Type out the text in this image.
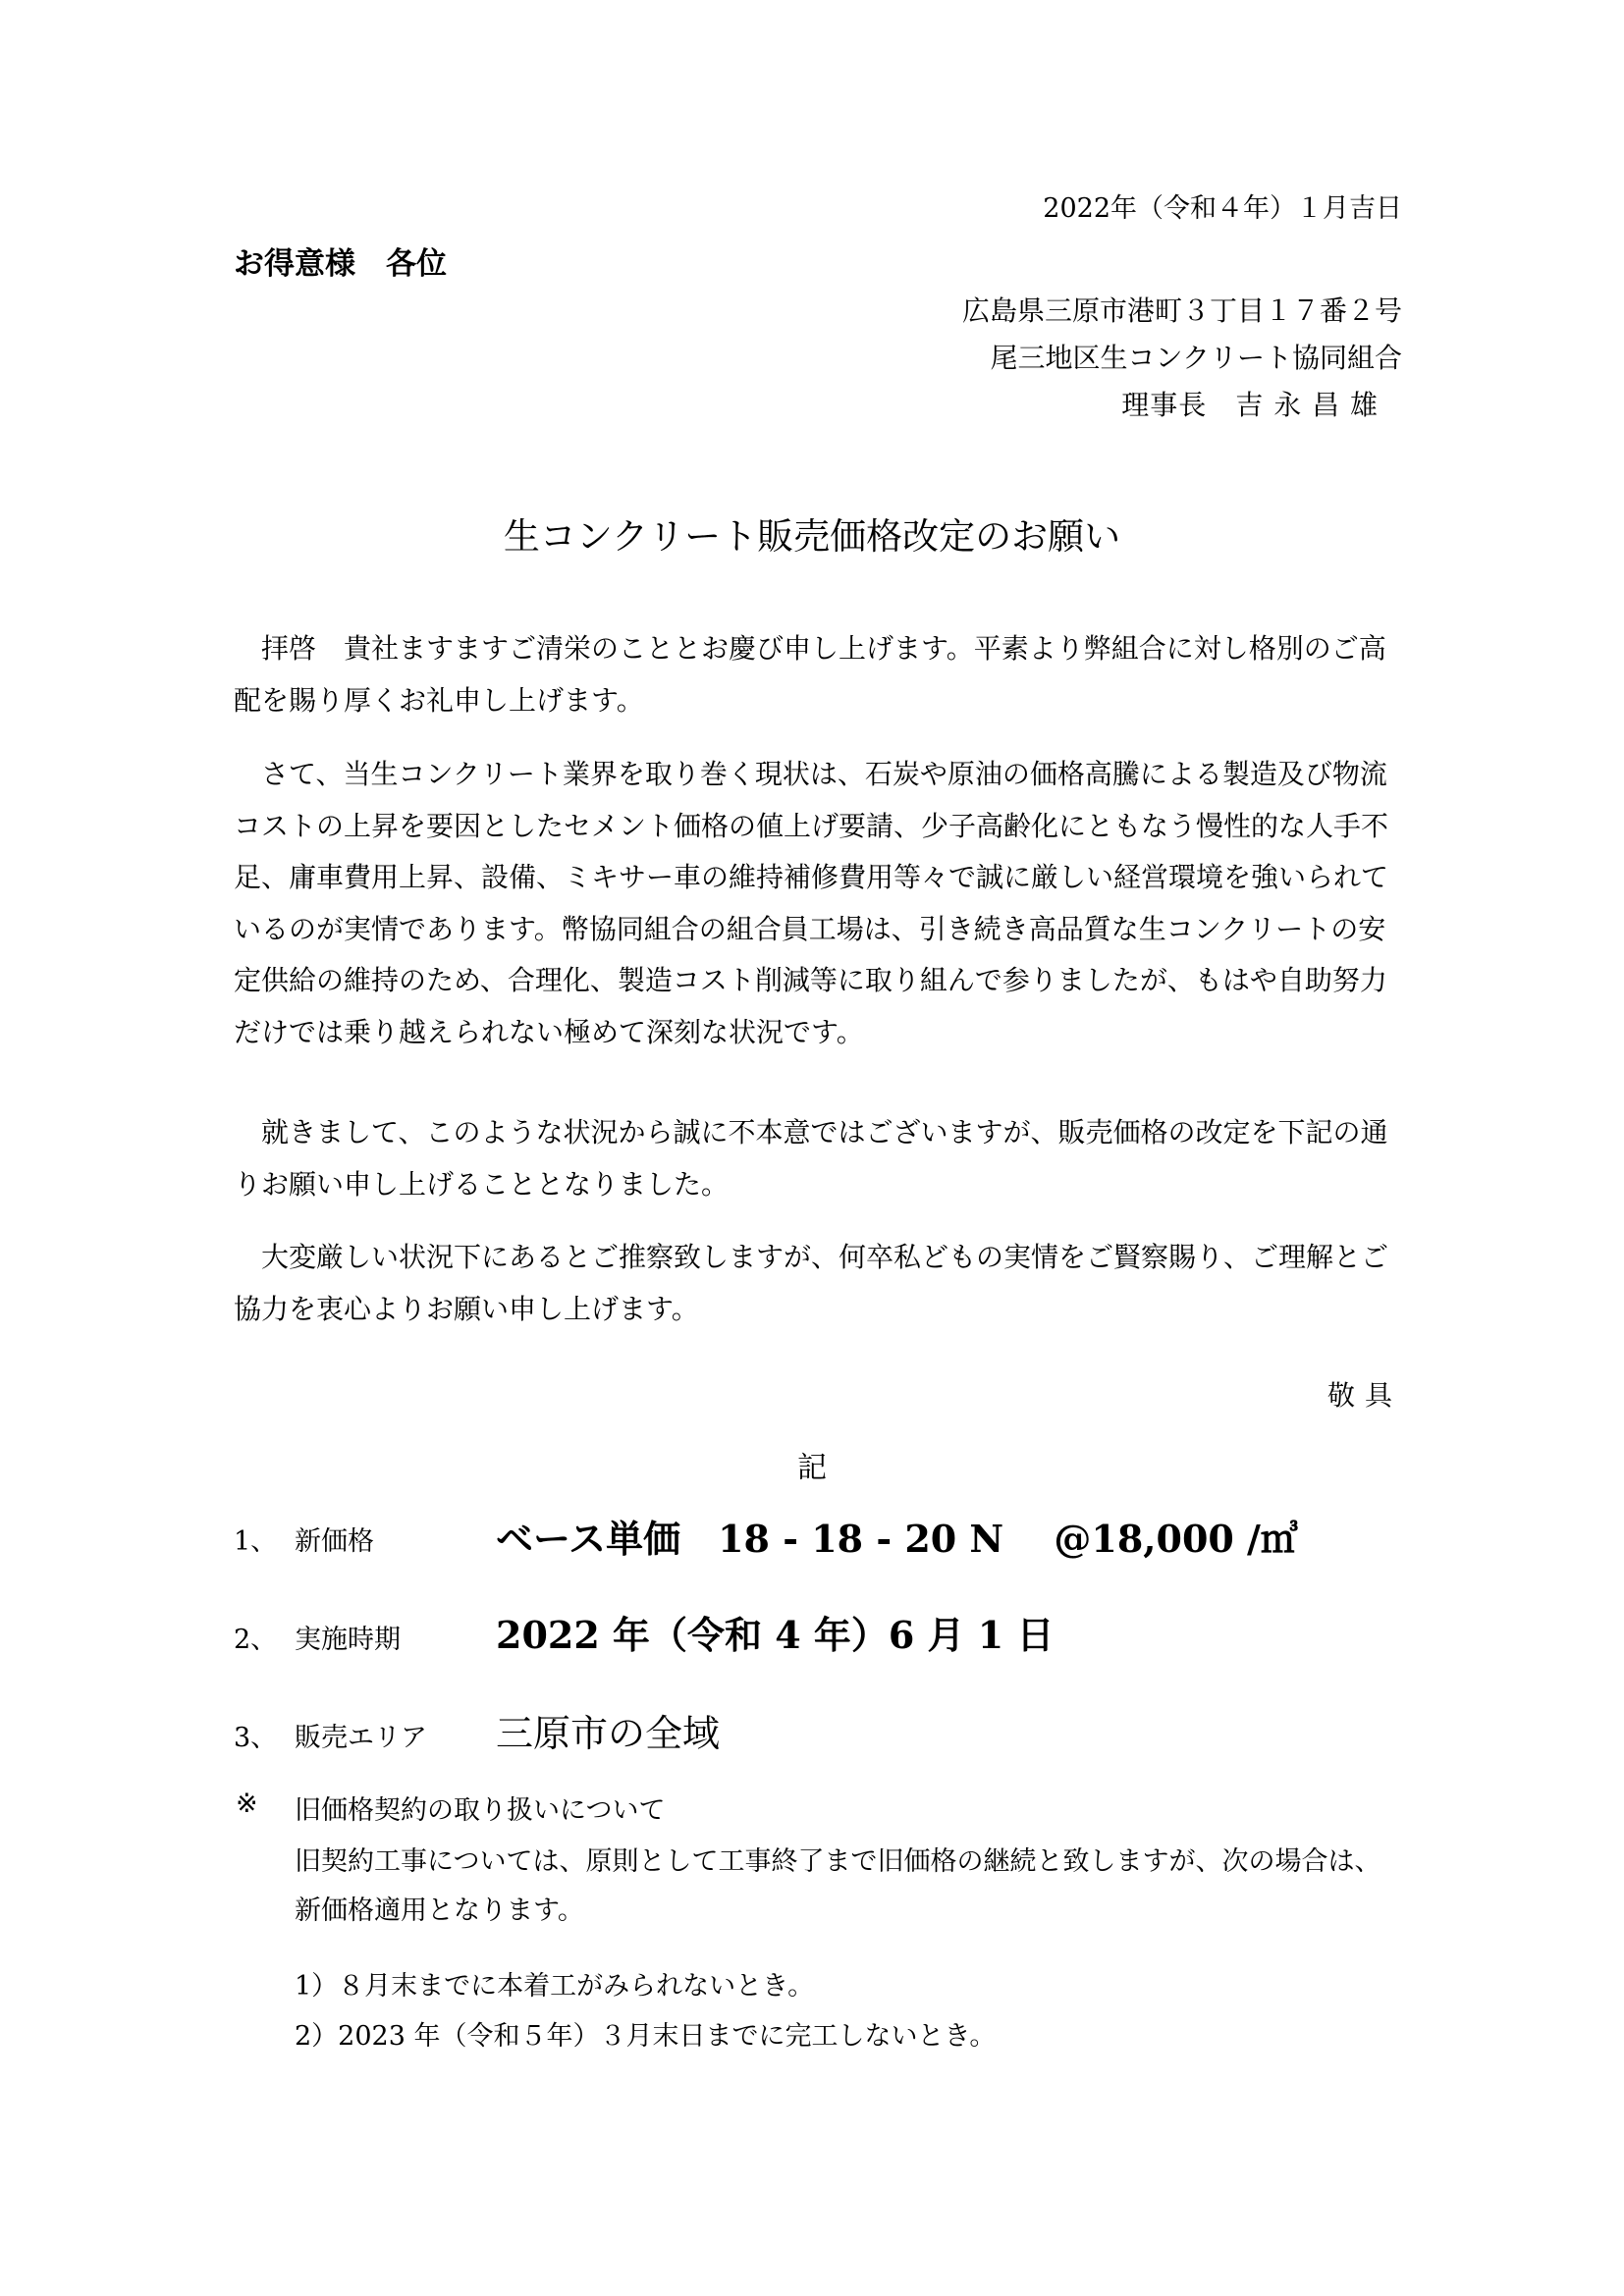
2022年（令和４年）１月吉日
お得意様　各位
広島県三原市港町３丁目１７番２号
尾三地区生コンクリート協同組合
理事長　吉 永 昌 雄
生コンクリート販売価格改定のお願い
拝啓　貴社ますますご清栄のこととお慶び申し上げます。平素より弊組合に対し格別のご高配を賜り厚くお礼申し上げます。
さて、当生コンクリート業界を取り巻く現状は、石炭や原油の価格高騰による製造及び物流コストの上昇を要因としたセメント価格の値上げ要請、少子高齢化にともなう慢性的な人手不足、庸車費用上昇、設備、ミキサー車の維持補修費用等々で誠に厳しい経営環境を強いられているのが実情であります。幣協同組合の組合員工場は、引き続き高品質な生コンクリートの安定供給の維持のため、合理化、製造コスト削減等に取り組んで参りましたが、もはや自助努力だけでは乗り越えられない極めて深刻な状況です。
就きまして、このような状況から誠に不本意ではございますが、販売価格の改定を下記の通りお願い申し上げることとなりました。
大変厳しい状況下にあるとご推察致しますが、何卒私どもの実情をご賢察賜り、ご理解とご協力を衷心よりお願い申し上げます。
敬具
記
1、 新価格	ベース単価　18 - 18 - 20 N　 @18,000 /㎥
2、 実施時期	2022 年（令和 4 年）6 月 1 日
3、 販売エリア 三原市の全域
※ 旧価格契約の取り扱いについて
旧契約工事については、原則として工事終了まで旧価格の継続と致しますが、次の場合は、新価格適用となります。
1）８月末までに本着工がみられないとき。
2）2023 年（令和５年）３月末日までに完工しないとき。
